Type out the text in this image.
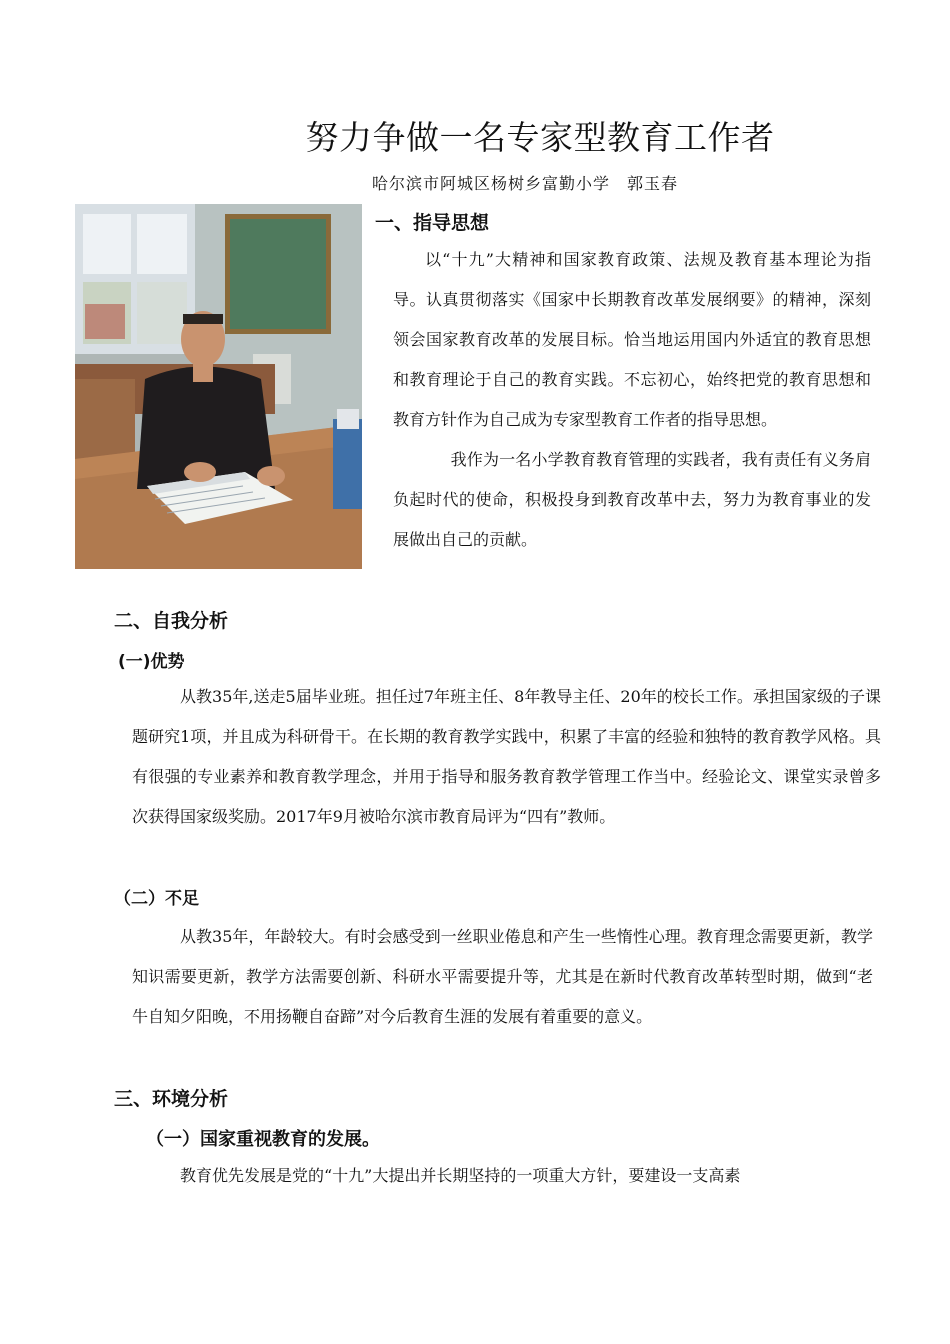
努力争做一名专家型教育工作者
哈尔滨市阿城区杨树乡富勤小学　郭玉春
一、指导思想

以“十九”大精神和国家教育政策、法规及教育基本理论为指导。认真贯彻落实《国家中长期教育改革发展纲要》的精神，深刻领会国家教育改革的发展目标。恰当地运用国内外适宜的教育思想和教育理论于自己的教育实践。不忘初心，始终把党的教育思想和教育方针作为自己成为专家型教育工作者的指导思想。

我作为一名小学教育教育管理的实践者，我有责任有义务肩负起时代的使命，积极投身到教育改革中去，努力为教育事业的发展做出自己的贡献。

二、自我分析
(一)优势

从教35年,送走5届毕业班。担任过7年班主任、8年教导主任、20年的校长工作。承担国家级的子课题研究1项，并且成为科研骨干。在长期的教育教学实践中，积累了丰富的经验和独特的教育教学风格。具有很强的专业素养和教育教学理念，并用于指导和服务教育教学管理工作当中。经验论文、课堂实录曾多次获得国家级奖励。2017年9月被哈尔滨市教育局评为“四有”教师。

（二）不足

从教35年，年龄较大。有时会感受到一丝职业倦息和产生一些惰性心理。教育理念需要更新，教学知识需要更新，教学方法需要创新、科研水平需要提升等，尤其是在新时代教育改革转型时期，做到“老牛自知夕阳晚，不用扬鞭自奋蹄”对今后教育生涯的发展有着重要的意义。

三、环境分析
（一）国家重视教育的发展。

教育优先发展是党的“十九”大提出并长期坚持的一项重大方针，要建设一支高素
